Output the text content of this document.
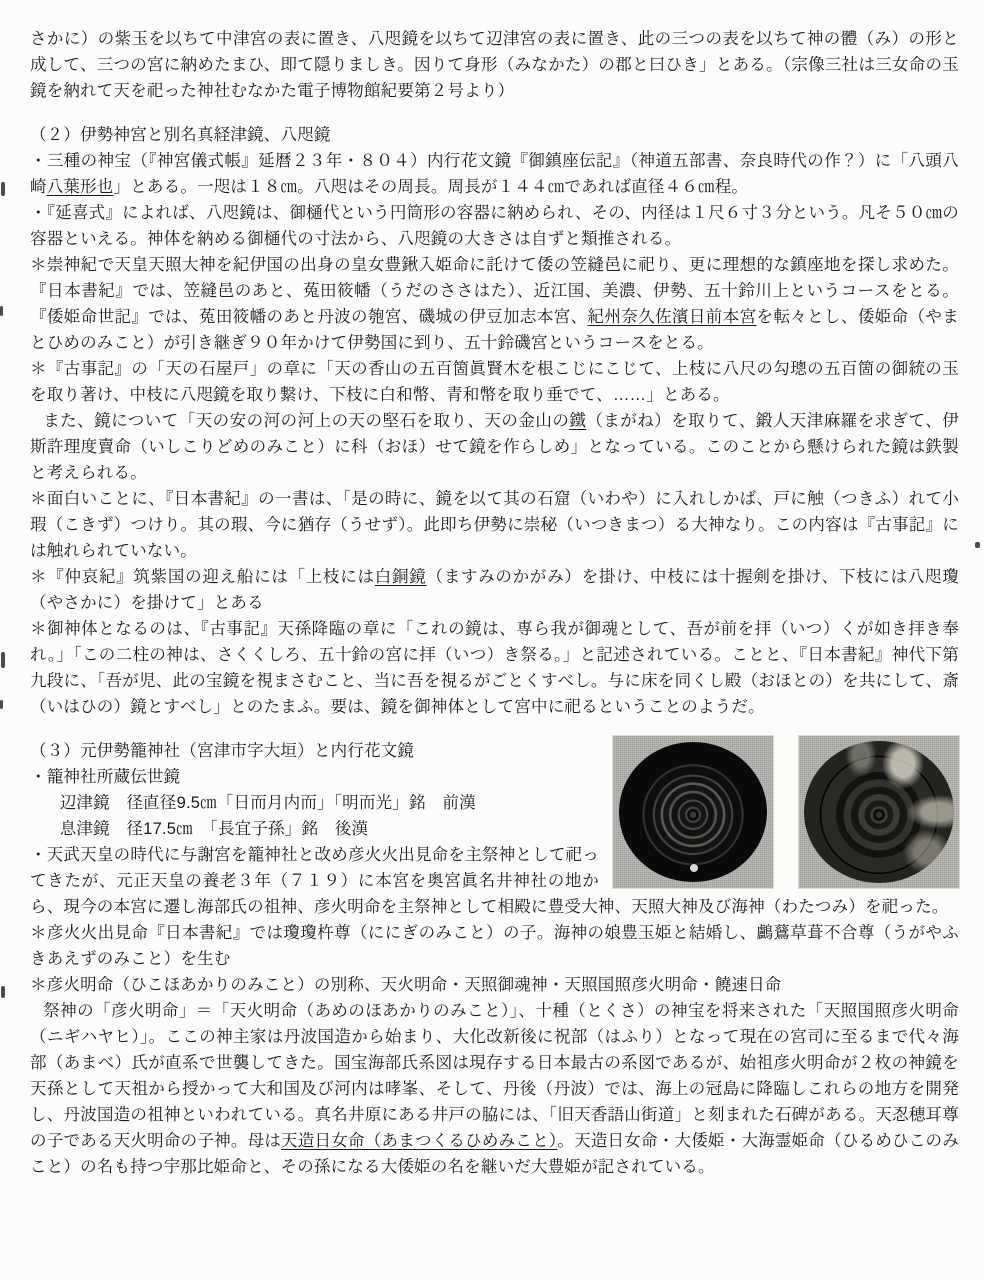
さかに）の紫玉を以ちて中津宮の表に置き、八咫鏡を以ちて辺津宮の表に置き、此の三つの表を以ちて神の體（み）の形と成して、三つの宮に納めたまひ、即て隠りましき。因りて身形（みなかた）の郡と曰ひき」とある。（宗像三社は三女命の玉鏡を納れて天を祀った神社むなかた電子博物館紀要第２号より）

（２）伊勢神宮と別名真経津鏡、八咫鏡

・三種の神宝（『神宮儀式帳』延暦２３年・８０４）内行花文鏡『御鎮座伝記』（神道五部書、奈良時代の作？）に「八頭八崎八葉形也」とある。一咫は１８㎝。八咫はその周長。周長が１４４㎝であれば直径４６㎝程。

・『延喜式』によれば、八咫鏡は、御樋代という円筒形の容器に納められ、その、内径は１尺６寸３分という。凡そ５０㎝の容器といえる。神体を納める御樋代の寸法から、八咫鏡の大きさは自ずと類推される。

＊崇神紀で天皇天照大神を紀伊国の出身の皇女豊鍬入姫命に託けて倭の笠縫邑に祀り、更に理想的な鎮座地を探し求めた。『日本書紀』では、笠縫邑のあと、菟田筱幡（うだのささはた）、近江国、美濃、伊勢、五十鈴川上というコースをとる。『倭姫命世記』では、菟田筱幡のあと丹波の匏宮、磯城の伊豆加志本宮、紀州奈久佐濱日前本宮を転々とし、倭姫命（やまとひめのみこと）が引き継ぎ９０年かけて伊勢国に到り、五十鈴磯宮というコースをとる。

＊『古事記』の「天の石屋戸」の章に「天の香山の五百箇眞賢木を根こじにこじて、上枝に八尺の勾璁の五百箇の御統の玉を取り著け、中枝に八咫鏡を取り繋け、下枝に白和幣、青和幣を取り垂でて、……」とある。

また、鏡について「天の安の河の河上の天の堅石を取り、天の金山の鐵（まがね）を取りて、鍛人天津麻羅を求ぎて、伊斯許理度賣命（いしこりどめのみこと）に科（おほ）せて鏡を作らしめ」となっている。このことから懸けられた鏡は鉄製と考えられる。

＊面白いことに、『日本書紀』の一書は、「是の時に、鏡を以て其の石窟（いわや）に入れしかば、戸に触（つきふ）れて小瑕（こきず）つけり。其の瑕、今に猶存（うせず）。此即ち伊勢に崇秘（いつきまつ）る大神なり。この内容は『古事記』には触れられていない。

＊『仲哀紀』筑紫国の迎え船には「上枝には白銅鏡（ますみのかがみ）を掛け、中枝には十握剣を掛け、下枝には八咫瓊（やさかに）を掛けて」とある

＊御神体となるのは、『古事記』天孫降臨の章に「これの鏡は、専ら我が御魂として、吾が前を拝（いつ）くが如き拝き奉れ。」「この二柱の神は、さくくしろ、五十鈴の宮に拝（いつ）き祭る。」と記述されている。ことと、『日本書紀』神代下第九段に、「吾が児、此の宝鏡を視まさむこと、当に吾を視るがごとくすべし。与に床を同くし殿（おほとの）を共にして、斎（いはひの）鏡とすべし」とのたまふ。要は、鏡を御神体として宮中に祀るということのようだ。

（３）元伊勢籠神社（宮津市字大垣）と内行花文鏡

・籠神社所蔵伝世鏡

辺津鏡　径直径9.5㎝「日而月内而」「明而光」銘　前漢

息津鏡　径17.5㎝　「長宜子孫」銘　後漢

・天武天皇の時代に与謝宮を籠神社と改め彦火火出見命を主祭神として祀ってきたが、元正天皇の養老３年（７１９）に本宮を奥宮眞名井神社の地から、現今の本宮に遷し海部氏の祖神、彦火明命を主祭神として相殿に豊受大神、天照大神及び海神（わたつみ）を祀った。

＊彦火火出見命『日本書紀』では瓊瓊杵尊（ににぎのみこと）の子。海神の娘豊玉姫と結婚し、鸕鶿草葺不合尊（うがやふきあえずのみこと）を生む

＊彦火明命（ひこほあかりのみこと）の別称、天火明命・天照御魂神・天照国照彦火明命・饒速日命

祭神の「彦火明命」＝「天火明命（あめのほあかりのみこと）」、十種（とくさ）の神宝を将来された「天照国照彦火明命（ニギハヤヒ）」。ここの神主家は丹波国造から始まり、大化改新後に祝部（はふり）となって現在の宮司に至るまで代々海部（あまべ）氏が直系で世襲してきた。国宝海部氏系図は現存する日本最古の系図であるが、始祖彦火明命が２枚の神鏡を天孫として天祖から授かって大和国及び河内は哮峯、そして、丹後（丹波）では、海上の冠島に降臨しこれらの地方を開発し、丹波国造の祖神といわれている。真名井原にある井戸の脇には、「旧天香語山街道」と刻まれた石碑がある。天忍穂耳尊の子である天火明命の子神。母は天造日女命（あまつくるひめみこと）。天造日女命・大倭姫・大海霊姫命（ひるめひこのみこと）の名も持つ宇那比姫命と、その孫になる大倭姫の名を継いだ大豊姫が記されている。
